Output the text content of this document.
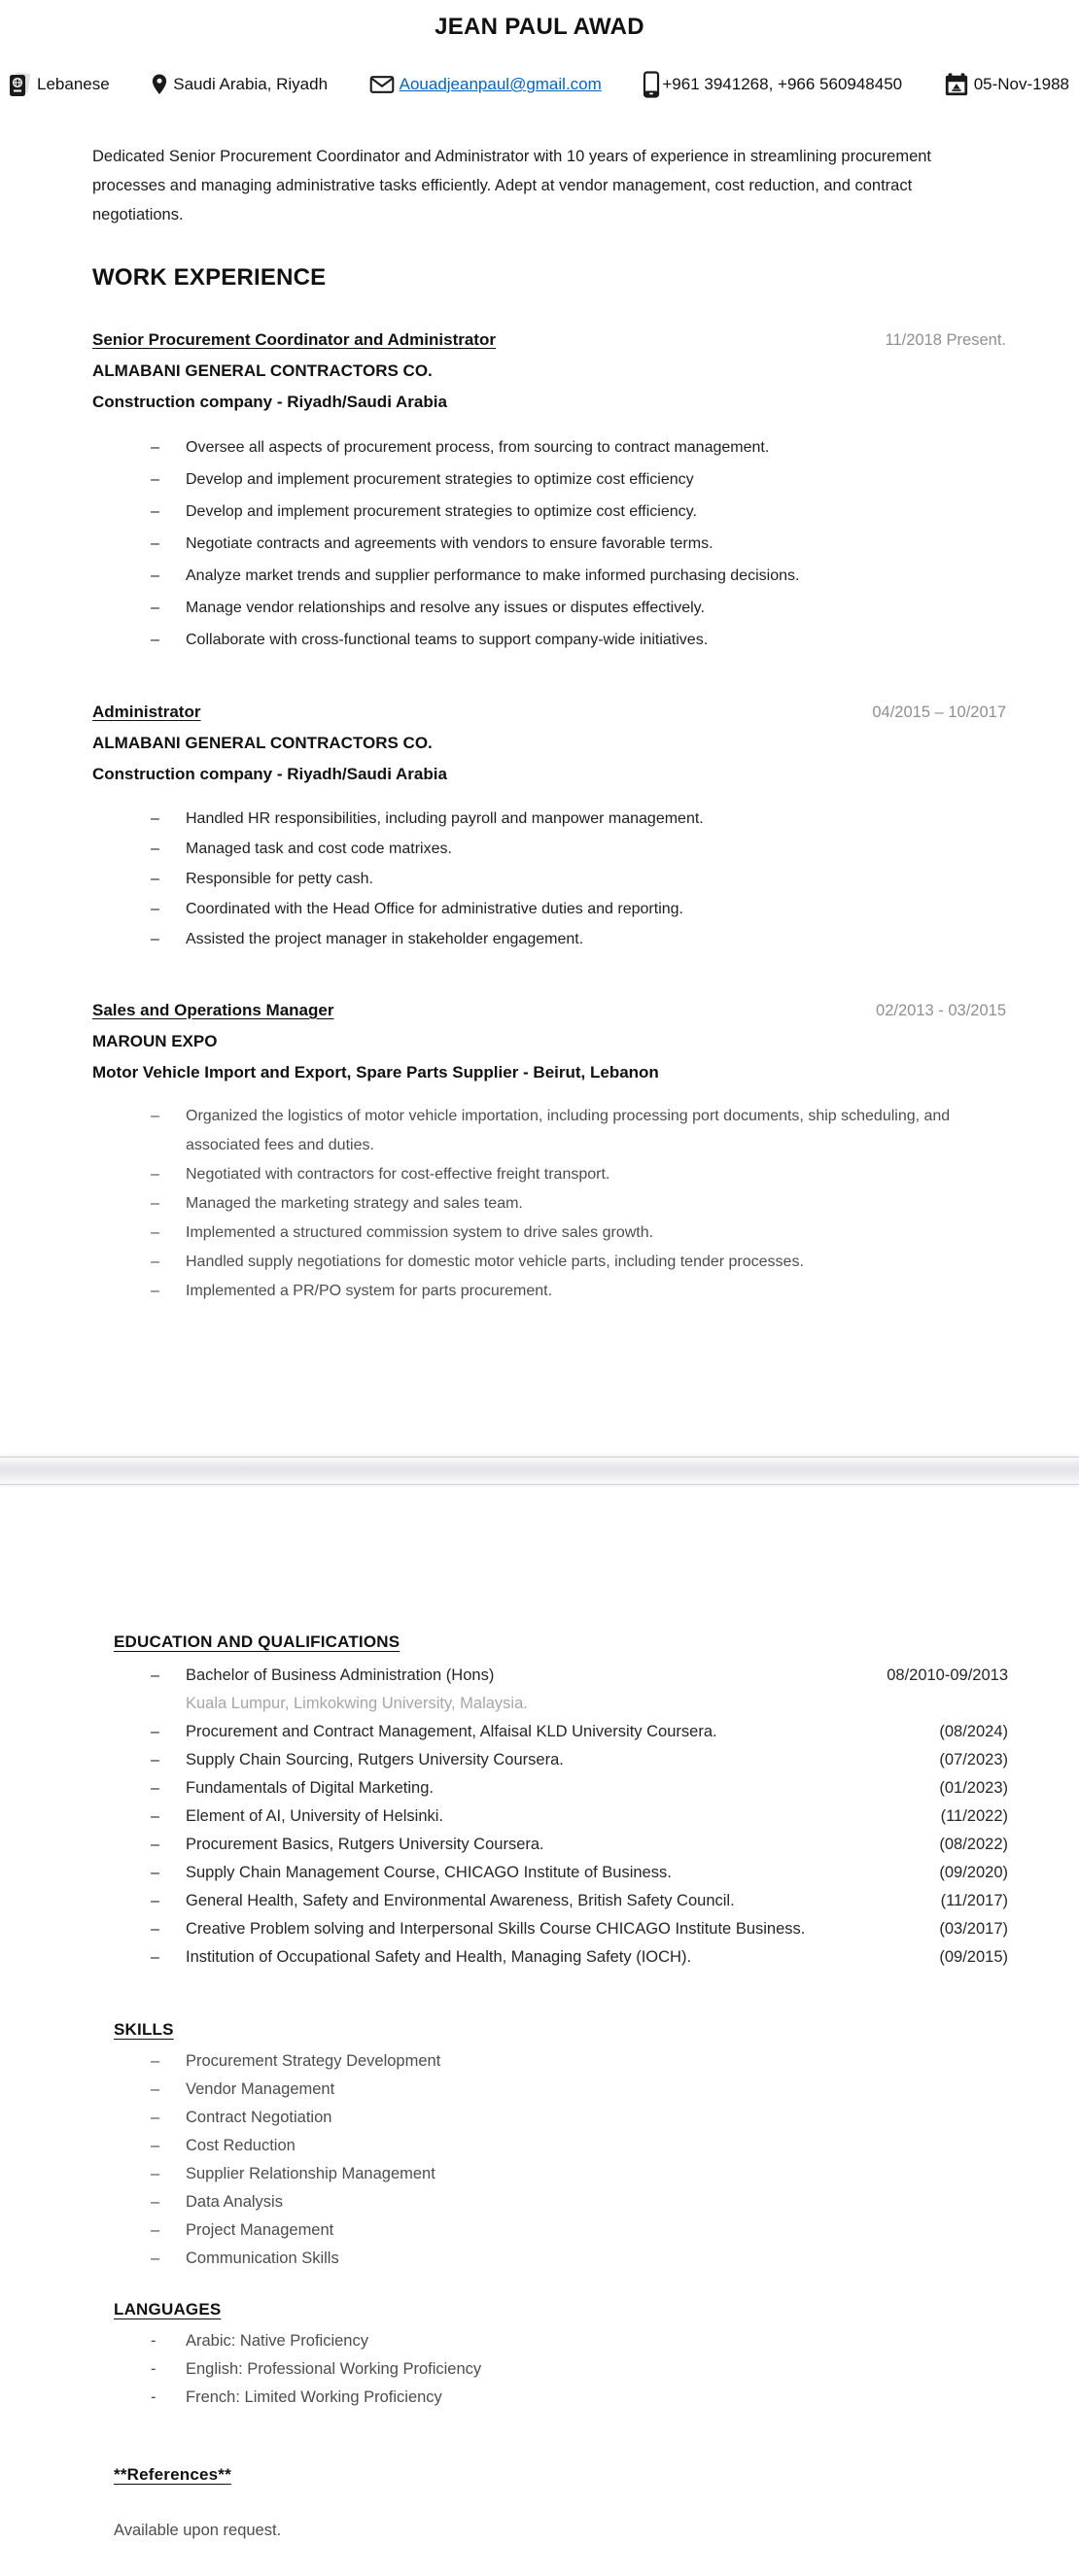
JEAN PAUL AWAD
Lebanese	Saudi Arabia, Riyadh	Aouadjeanpaul@gmail.com	+961 3941268, +966 560948450	05-Nov-1988
Dedicated Senior Procurement Coordinator and Administrator with 10 years of experience in streamlining procurement processes and managing administrative tasks efficiently. Adept at vendor management, cost reduction, and contract negotiations.
WORK EXPERIENCE
Senior Procurement Coordinator and Administrator	11/2018 Present.
ALMABANI GENERAL CONTRACTORS CO.
Construction company - Riyadh/Saudi Arabia
–	Oversee all aspects of procurement process, from sourcing to contract management.
–	Develop and implement procurement strategies to optimize cost efficiency
–	Develop and implement procurement strategies to optimize cost efficiency.
–	Negotiate contracts and agreements with vendors to ensure favorable terms.
–	Analyze market trends and supplier performance to make informed purchasing decisions.
–	Manage vendor relationships and resolve any issues or disputes effectively.
–	Collaborate with cross-functional teams to support company-wide initiatives.
Administrator	04/2015 – 10/2017
ALMABANI GENERAL CONTRACTORS CO.
Construction company - Riyadh/Saudi Arabia
–	Handled HR responsibilities, including payroll and manpower management.
–	Managed task and cost code matrixes.
–	Responsible for petty cash.
–	Coordinated with the Head Office for administrative duties and reporting.
–	Assisted the project manager in stakeholder engagement.
Sales and Operations Manager	02/2013 - 03/2015
MAROUN EXPO
Motor Vehicle Import and Export, Spare Parts Supplier - Beirut, Lebanon
–	Organized the logistics of motor vehicle importation, including processing port documents, ship scheduling, and associated fees and duties.
–	Negotiated with contractors for cost-effective freight transport.
–	Managed the marketing strategy and sales team.
–	Implemented a structured commission system to drive sales growth.
–	Handled supply negotiations for domestic motor vehicle parts, including tender processes.
–	Implemented a PR/PO system for parts procurement.
EDUCATION AND QUALIFICATIONS
–	Bachelor of Business Administration (Hons)	08/2010-09/2013
Kuala Lumpur, Limkokwing University, Malaysia.
–	Procurement and Contract Management, Alfaisal KLD University Coursera.	(08/2024)
–	Supply Chain Sourcing, Rutgers University Coursera.	(07/2023)
–	Fundamentals of Digital Marketing.	(01/2023)
–	Element of AI, University of Helsinki.	(11/2022)
–	Procurement Basics, Rutgers University Coursera.	(08/2022)
–	Supply Chain Management Course, CHICAGO Institute of Business.	(09/2020)
–	General Health, Safety and Environmental Awareness, British Safety Council.	(11/2017)
–	Creative Problem solving and Interpersonal Skills Course CHICAGO Institute Business.	(03/2017)
–	Institution of Occupational Safety and Health, Managing Safety (IOCH).	(09/2015)
SKILLS
–	Procurement Strategy Development
–	Vendor Management
–	Contract Negotiation
–	Cost Reduction
–	Supplier Relationship Management
–	Data Analysis
–	Project Management
–	Communication Skills
LANGUAGES
-	Arabic: Native Proficiency
-	English: Professional Working Proficiency
-	French: Limited Working Proficiency
**References**
Available upon request.
